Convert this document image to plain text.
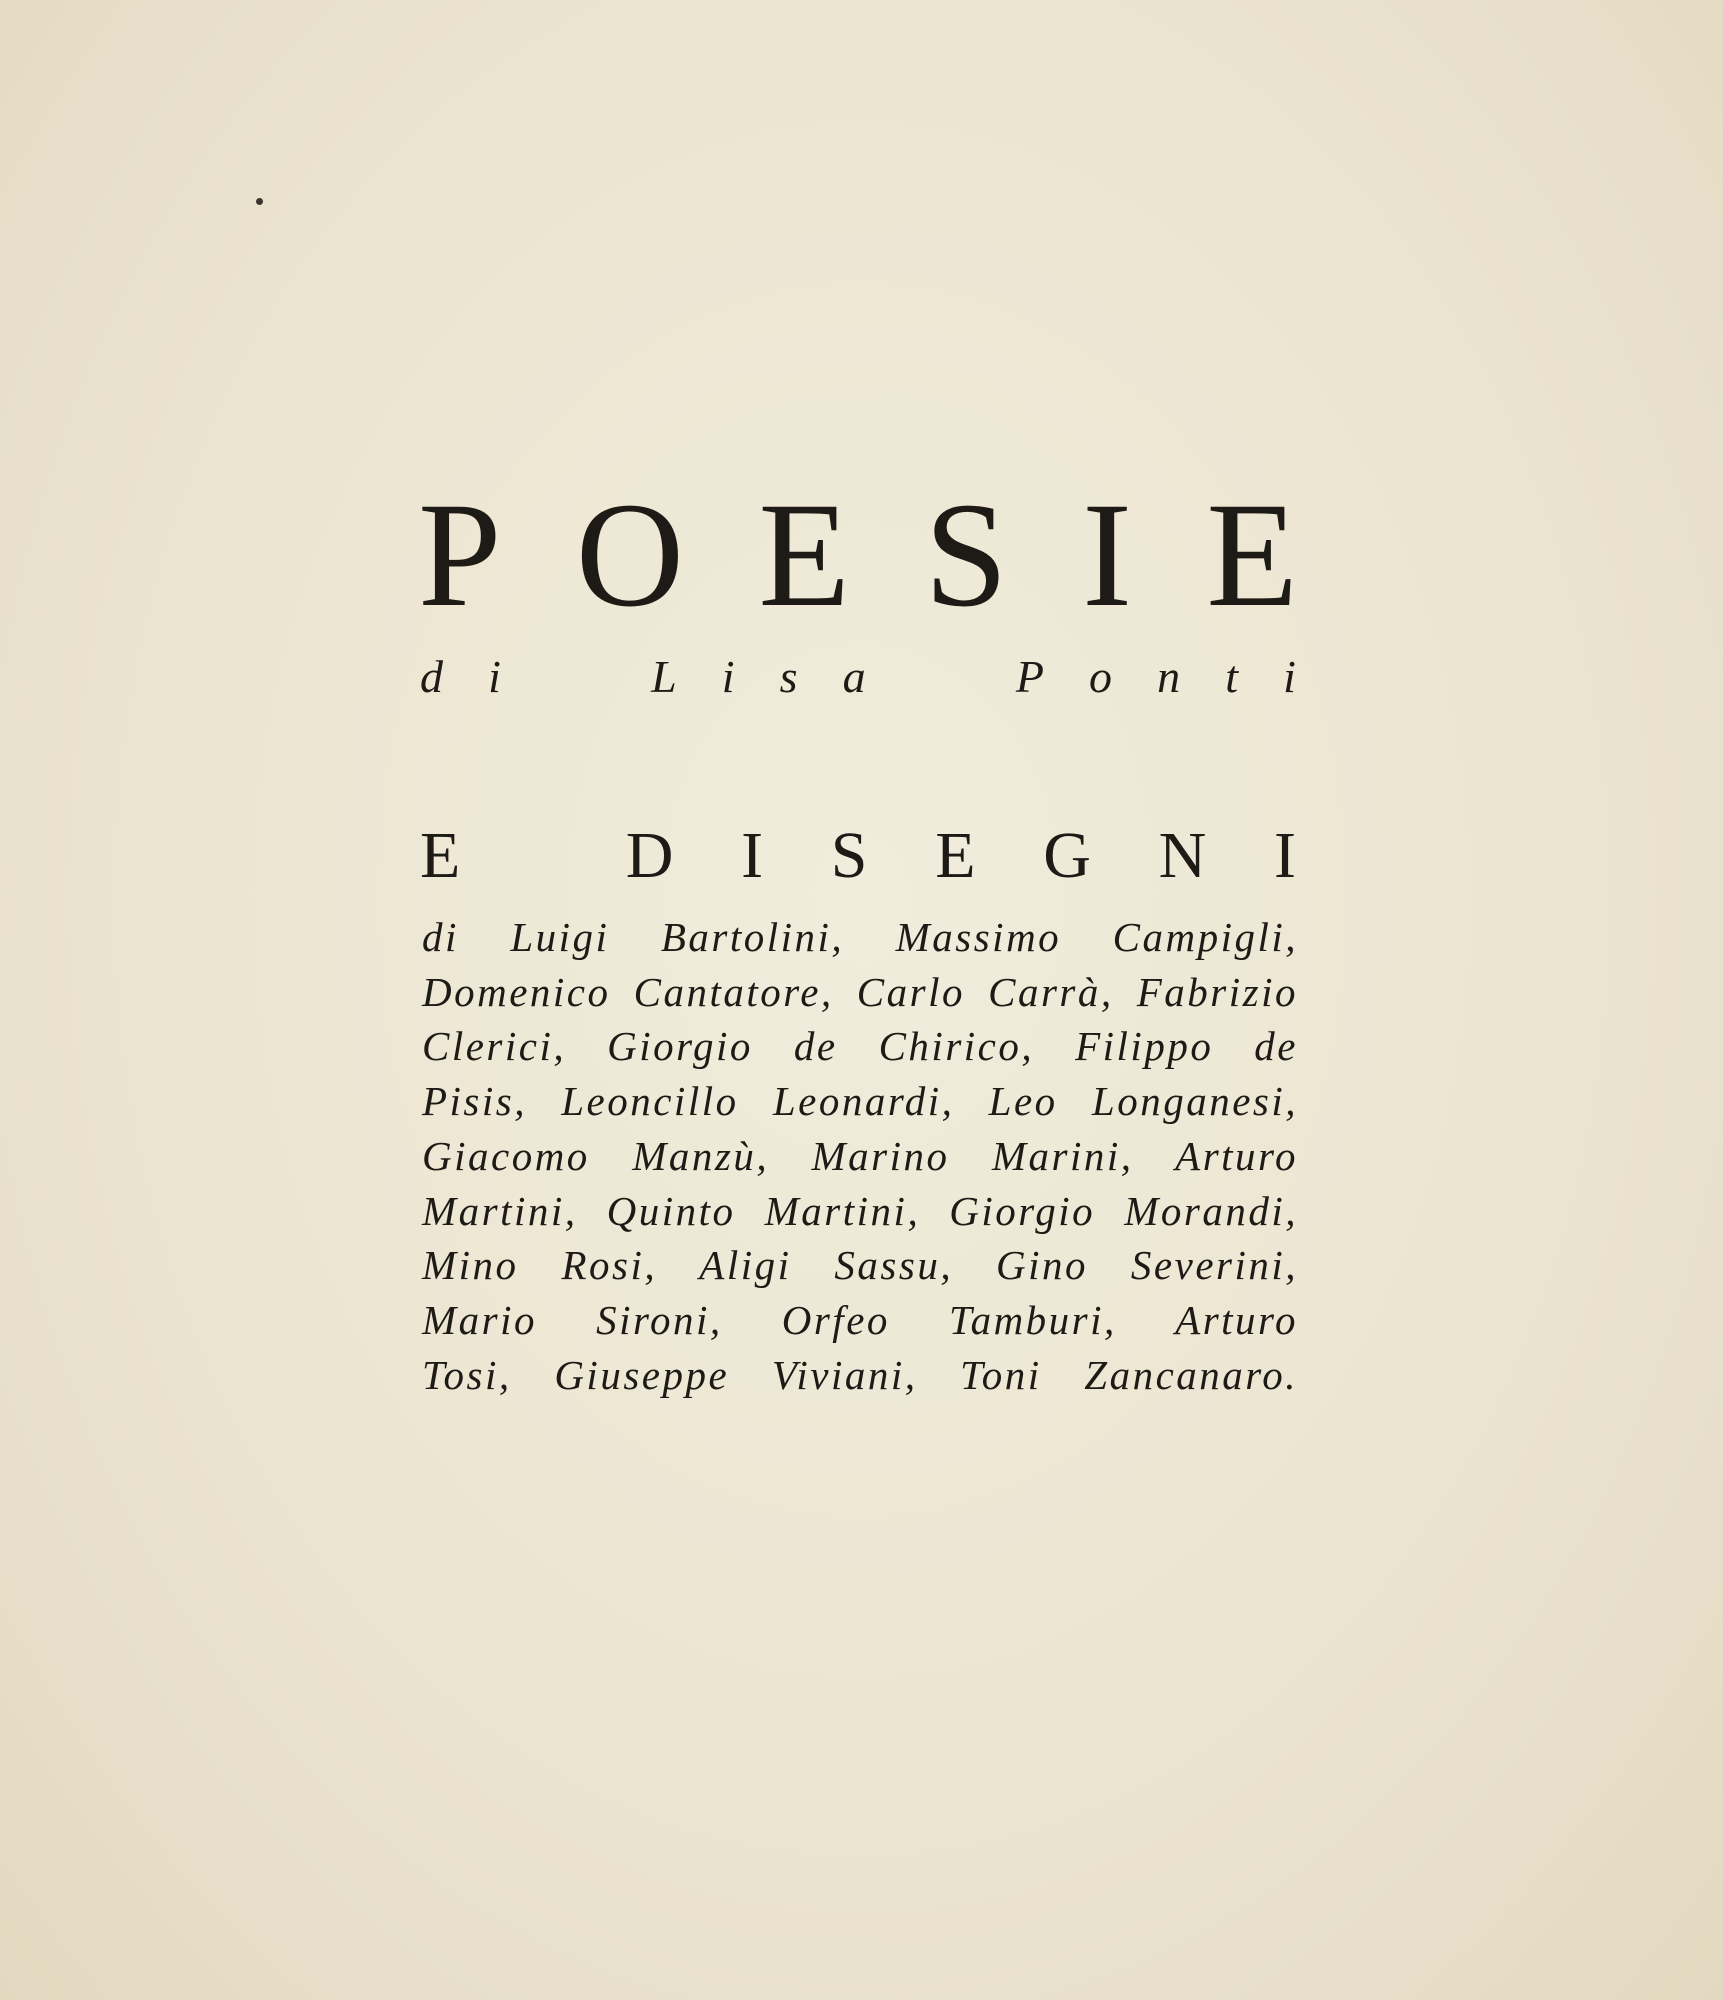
P O E S I E
d i	L i s a	P o n t i
E	D I S E G N I
di Luigi Bartolini, Massimo Campigli,
Domenico Cantatore, Carlo Carrà, Fabrizio
Clerici, Giorgio de Chirico, Filippo de
Pisis, Leoncillo Leonardi, Leo Longanesi,
Giacomo Manzù, Marino Marini, Arturo
Martini, Quinto Martini, Giorgio Morandi,
Mino Rosi, Aligi Sassu, Gino Severini,
Mario Sironi, Orfeo Tamburi, Arturo
Tosi, Giuseppe Viviani, Toni Zancanaro.
